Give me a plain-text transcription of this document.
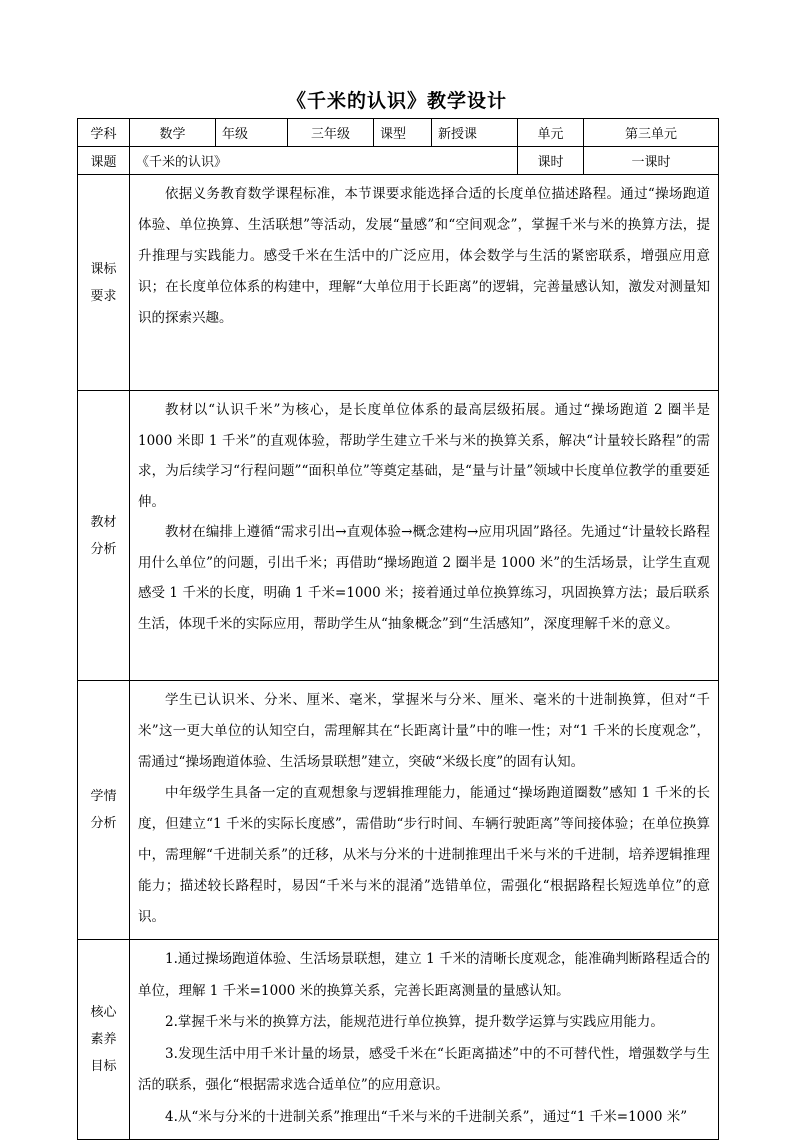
《千米的认识》教学设计
学科	数学	年级	三年级	课型	新授课	单元	第三单元
课题	《千米的认识》					课时	一课时
课标要求	依据义务教育数学课程标准，本节课要求能选择合适的长度单位描述路程。通过“操场跑道体验、单位换算、生活联想”等活动，发展“量感”和“空间观念”，掌握千米与米的换算方法，提升推理与实践能力。感受千米在生活中的广泛应用，体会数学与生活的紧密联系，增强应用意识；在长度单位体系的构建中，理解“大单位用于长距离”的逻辑，完善量感认知，激发对测量知识的探索兴趣。						

教材分析	教材以“认识千米”为核心，是长度单位体系的最高层级拓展。通过“操场跑道 2 圈半是 1000 米即 1 千米”的直观体验，帮助学生建立千米与米的换算关系，解决“计量较长路程”的需求，为后续学习“行程问题”“面积单位”等奠定基础，是“量与计量”领域中长度单位教学的重要延伸。

教材在编排上遵循“需求引出→直观体验→概念建构→应用巩固”路径。先通过“计量较长路程用什么单位”的问题，引出千米；再借助“操场跑道 2 圈半是 1000 米”的生活场景，让学生直观感受 1 千米的长度，明确 1 千米=1000 米；接着通过单位换算练习，巩固换算方法；最后联系生活，体现千米的实际应用，帮助学生从“抽象概念”到“生活感知”，深度理解千米的意义。						

学情分析	学生已认识米、分米、厘米、毫米，掌握米与分米、厘米、毫米的十进制换算，但对“千米”这一更大单位的认知空白，需理解其在“长距离计量”中的唯一性；对“1 千米的长度观念”，需通过“操场跑道体验、生活场景联想”建立，突破“米级长度”的固有认知。

中年级学生具备一定的直观想象与逻辑推理能力，能通过“操场跑道圈数”感知 1 千米的长度，但建立“1 千米的实际长度感”，需借助“步行时间、车辆行驶距离”等间接体验；在单位换算中，需理解“千进制关系”的迁移，从米与分米的十进制推理出千米与米的千进制，培养逻辑推理能力；描述较长路程时，易因“千米与米的混淆”选错单位，需强化“根据路程长短选单位”的意识。						

核心素养目标	1.通过操场跑道体验、生活场景联想，建立 1 千米的清晰长度观念，能准确判断路程适合的单位，理解 1 千米=1000 米的换算关系，完善长距离测量的量感认知。

2.掌握千米与米的换算方法，能规范进行单位换算，提升数学运算与实践应用能力。

3.发现生活中用千米计量的场景，感受千米在“长距离描述”中的不可替代性，增强数学与生活的联系，强化“根据需求选合适单位”的应用意识。

4.从“米与分米的十进制关系”推理出“千米与米的千进制关系”，通过“1 千米=1000 米”						
